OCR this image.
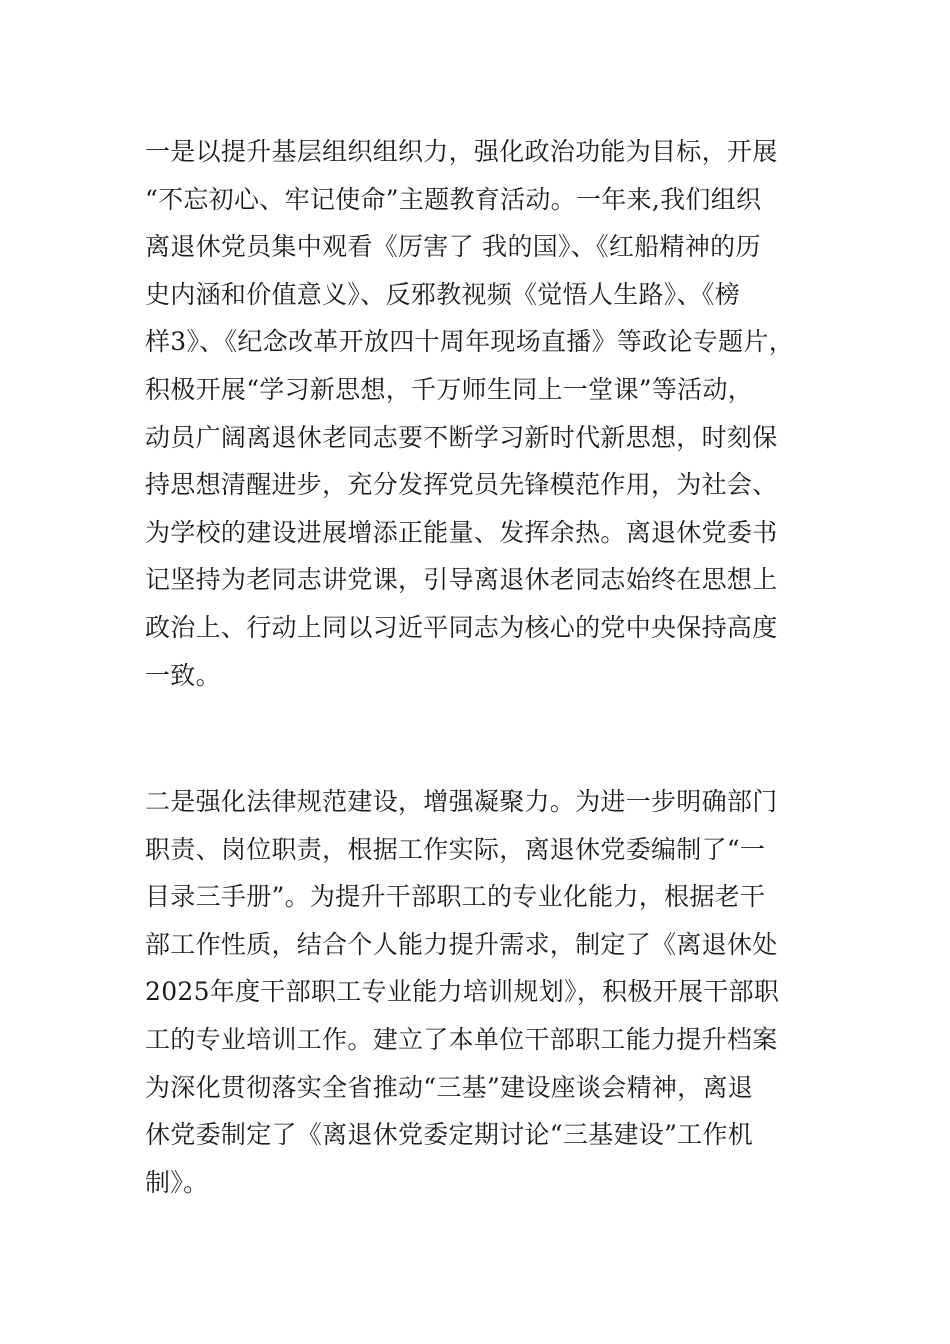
一是以提升基层组织组织力，强化政治功能为目标，开展
“不忘初心、牢记使命”主题教育活动。一年来,我们组织
离退休党员集中观看《厉害了 我的国》、《红船精神的历
史内涵和价值意义》、反邪教视频《觉悟人生路》、《榜
样3》、《纪念改革开放四十周年现场直播》等政论专题片，
积极开展“学习新思想，千万师生同上一堂课”等活动，
动员广阔离退休老同志要不断学习新时代新思想，时刻保
持思想清醒进步，充分发挥党员先锋模范作用，为社会、
为学校的建设进展增添正能量、发挥余热。离退休党委书
记坚持为老同志讲党课，引导离退休老同志始终在思想上
政治上、行动上同以习近平同志为核心的党中央保持高度
一致。
二是强化法律规范建设，增强凝聚力。为进一步明确部门
职责、岗位职责，根据工作实际，离退休党委编制了“一
目录三手册”。为提升干部职工的专业化能力，根据老干
部工作性质，结合个人能力提升需求，制定了《离退休处
2025年度干部职工专业能力培训规划》，积极开展干部职
工的专业培训工作。建立了本单位干部职工能力提升档案
为深化贯彻落实全省推动“三基”建设座谈会精神，离退
休党委制定了《离退休党委定期讨论“三基建设”工作机
制》。
